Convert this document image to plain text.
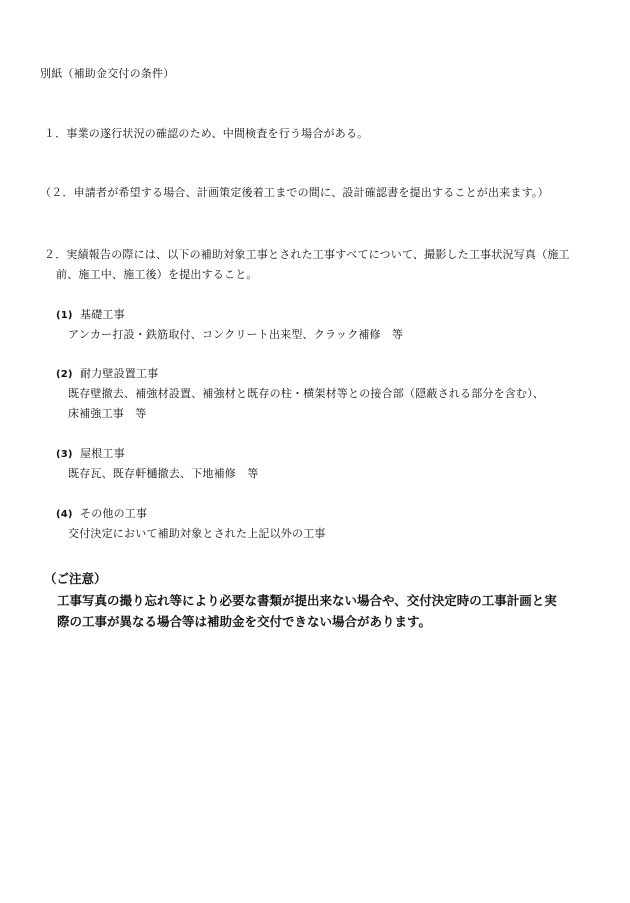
別紙（補助金交付の条件）
１．事業の遂行状況の確認のため、中間検査を行う場合がある。
（２．申請者が希望する場合、計画策定後着工までの間に、設計確認書を提出することが出来ます。）
２．実績報告の際には、以下の補助対象工事とされた工事すべてについて、撮影した工事状況写真（施工
前、施工中、施工後）を提出すること。
(1) 基礎工事
アンカー打設・鉄筋取付、コンクリート出来型、クラック補修　等
(2) 耐力壁設置工事
既存壁撤去、補強材設置、補強材と既存の柱・横架材等との接合部（隠蔽される部分を含む）、
床補強工事　等
(3) 屋根工事
既存瓦、既存軒樋撤去、下地補修　等
(4) その他の工事
交付決定において補助対象とされた上記以外の工事
（ご注意）
工事写真の撮り忘れ等により必要な書類が提出来ない場合や、交付決定時の工事計画と実
際の工事が異なる場合等は補助金を交付できない場合があります。
